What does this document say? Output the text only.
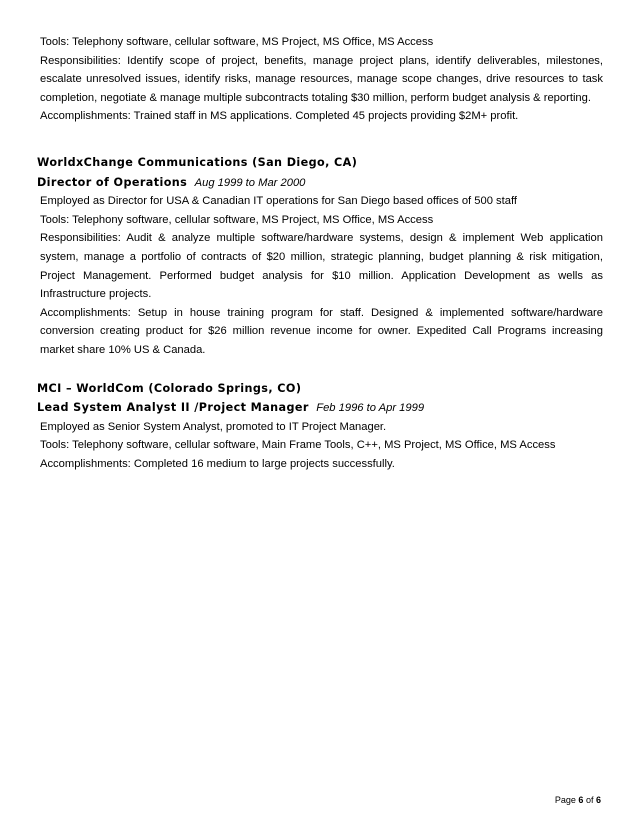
Tools: Telephony software, cellular software, MS Project, MS Office, MS Access
Responsibilities: Identify scope of project, benefits, manage project plans, identify deliverables, milestones, escalate unresolved issues, identify risks, manage resources, manage scope changes, drive resources to task completion, negotiate & manage multiple subcontracts totaling $30 million, perform budget analysis & reporting.
Accomplishments: Trained staff in MS applications. Completed 45 projects providing $2M+ profit.
WorldxChange Communications (San Diego, CA)
Director of Operations Aug 1999 to Mar 2000
Employed as Director for USA & Canadian IT operations for San Diego based offices of 500 staff
Tools: Telephony software, cellular software, MS Project, MS Office, MS Access
Responsibilities: Audit & analyze multiple software/hardware systems, design & implement Web application system, manage a portfolio of contracts of $20 million, strategic planning, budget planning & risk mitigation, Project Management. Performed budget analysis for $10 million. Application Development as wells as Infrastructure projects.
Accomplishments: Setup in house training program for staff. Designed & implemented software/hardware conversion creating product for $26 million revenue income for owner. Expedited Call Programs increasing market share 10% US & Canada.
MCI – WorldCom (Colorado Springs, CO)
Lead System Analyst II /Project Manager Feb 1996 to Apr 1999
Employed as Senior System Analyst, promoted to IT Project Manager.
Tools: Telephony software, cellular software, Main Frame Tools, C++, MS Project, MS Office, MS Access
Accomplishments: Completed 16 medium to large projects successfully.
Page 6 of 6
